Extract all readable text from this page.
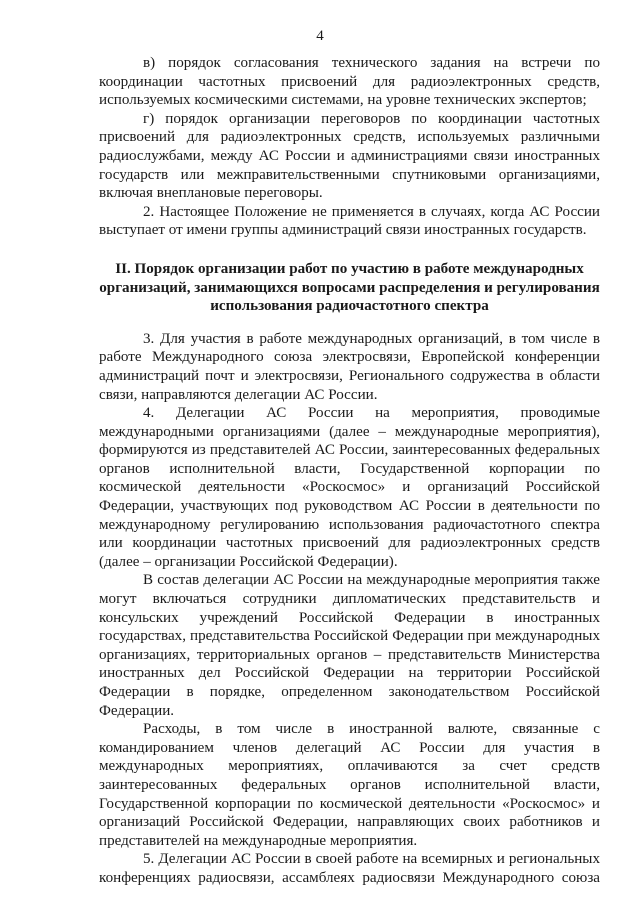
4

в) порядок согласования технического задания на встречи по координации частотных присвоений для радиоэлектронных средств, используемых космическими системами, на уровне технических экспертов;

г) порядок организации переговоров по координации частотных присвоений для радиоэлектронных средств, используемых различными радиослужбами, между АС России и администрациями связи иностранных государств или межправительственными спутниковыми организациями, включая внеплановые переговоры.

2. Настоящее Положение не применяется в случаях, когда АС России выступает от имени группы администраций связи иностранных государств.

II. Порядок организации работ по участию в работе международных организаций, занимающихся вопросами распределения и регулирования использования радиочастотного спектра

3. Для участия в работе международных организаций, в том числе в работе Международного союза электросвязи, Европейской конференции администраций почт и электросвязи, Регионального содружества в области связи, направляются делегации АС России.

4. Делегации АС России на мероприятия, проводимые международными организациями (далее – международные мероприятия), формируются из представителей АС России, заинтересованных федеральных органов исполнительной власти, Государственной корпорации по космической деятельности «Роскосмос» и организаций Российской Федерации, участвующих под руководством АС России в деятельности по международному регулированию использования радиочастотного спектра или координации частотных присвоений для радиоэлектронных средств (далее – организации Российской Федерации).

В состав делегации АС России на международные мероприятия также могут включаться сотрудники дипломатических представительств и консульских учреждений Российской Федерации в иностранных государствах, представительства Российской Федерации при международных организациях, территориальных органов – представительств Министерства иностранных дел Российской Федерации на территории Российской Федерации в порядке, определенном законодательством Российской Федерации.

Расходы, в том числе в иностранной валюте, связанные с командированием членов делегаций АС России для участия в международных мероприятиях, оплачиваются за счет средств заинтересованных федеральных органов исполнительной власти, Государственной корпорации по космической деятельности «Роскосмос» и организаций Российской Федерации, направляющих своих работников и представителей на международные мероприятия.

5. Делегации АС России в своей работе на всемирных и региональных конференциях радиосвязи, ассамблеях радиосвязи Международного союза
